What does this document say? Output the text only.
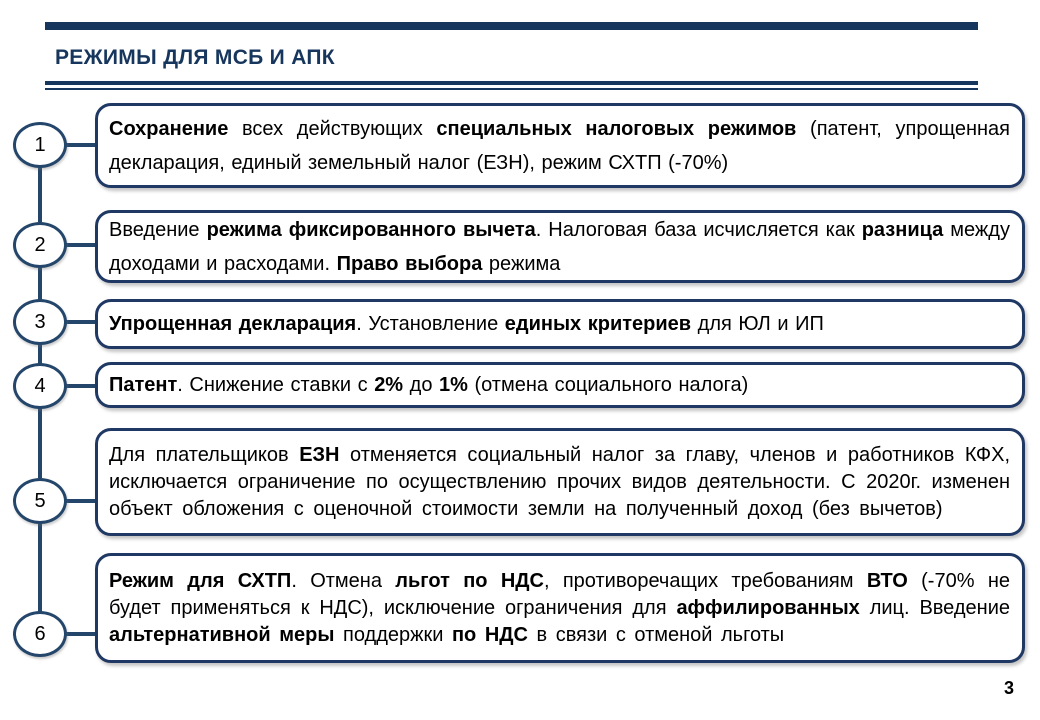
РЕЖИМЫ ДЛЯ МСБ И АПК
1
2
3
4
5
6

Сохранение всех действующих специальных налоговых режимов (патент, упрощенная декларация, единый земельный налог (ЕЗН), режим СХТП (-70%)

Введение режима фиксированного вычета. Налоговая база исчисляется как разница между доходами и расходами. Право выбора режима

Упрощенная декларация. Установление единых критериев для ЮЛ и ИП

Патент. Снижение ставки с 2% до 1% (отмена социального налога)

Для плательщиков ЕЗН отменяется социальный налог за главу, членов и работников КФХ, исключается ограничение по осуществлению прочих видов деятельности. С 2020г. изменен объект обложения с оценочной стоимости земли на полученный доход (без вычетов)

Режим для СХТП. Отмена льгот по НДС, противоречащих требованиям ВТО (-70% не будет применяться к НДС), исключение ограничения для аффилированных лиц. Введение альтернативной меры поддержки по НДС в связи с отменой льготы

3
